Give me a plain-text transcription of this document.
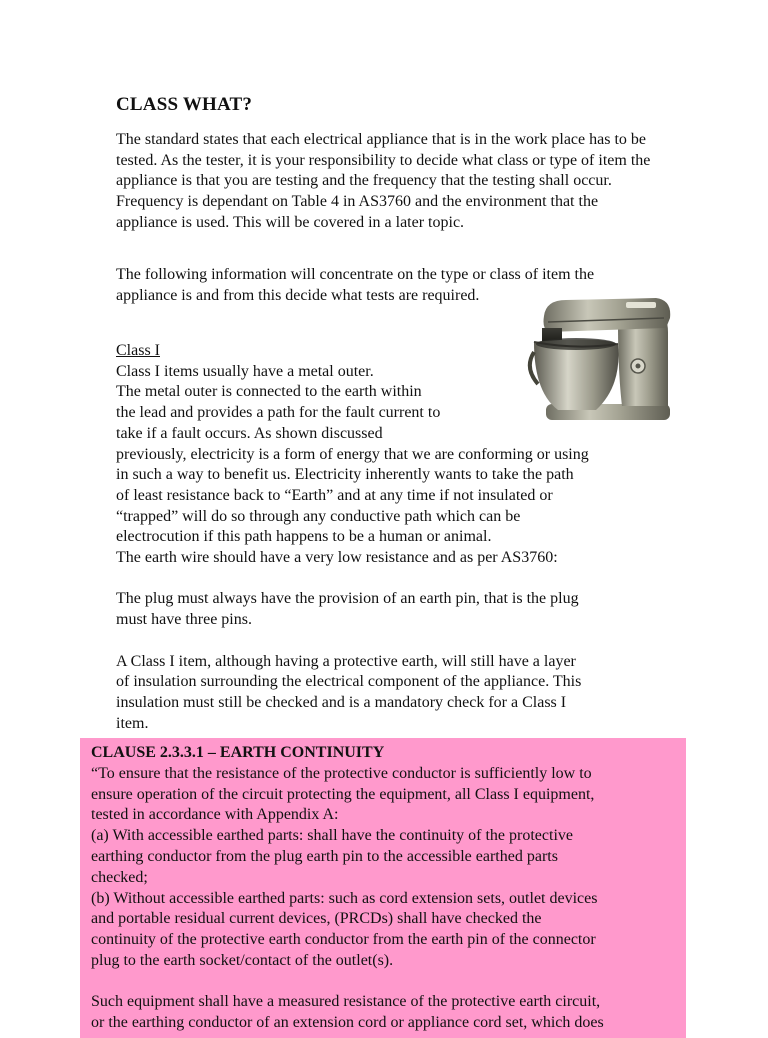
CLASS WHAT?
The standard states that each electrical appliance that is in the work place has to be tested. As the tester, it is your responsibility to decide what class or type of item the appliance is that you are testing and the frequency that the testing shall occur. Frequency is dependant on Table 4 in AS3760 and the environment that the appliance is used. This will be covered in a later topic.
The following information will concentrate on the type or class of item the appliance is and from this decide what tests are required.
Class I
Class I items usually have a metal outer.
The metal outer is connected to the earth within
the lead and provides a path for the fault current to
take if a fault occurs. As shown discussed
previously, electricity is a form of energy that we are conforming or using
in such a way to benefit us. Electricity inherently wants to take the path
of least resistance back to “Earth” and at any time if not insulated or
“trapped” will do so through any conductive path which can be
electrocution if this path happens to be a human or animal.
The earth wire should have a very low resistance and as per AS3760:
The plug must always have the provision of an earth pin, that is the plug
must have three pins.
A Class I item, although having a protective earth, will still have a layer
of insulation surrounding the electrical component of the appliance. This
insulation must still be checked and is a mandatory check for a Class I
item.
CLAUSE 2.3.3.1 – EARTH CONTINUITY
“To ensure that the resistance of the protective conductor is sufficiently low to
ensure operation of the circuit protecting the equipment, all Class I equipment,
tested in accordance with Appendix A:
(a) With accessible earthed parts: shall have the continuity of the protective
earthing conductor from the plug earth pin to the accessible earthed parts
checked;
(b) Without accessible earthed parts: such as cord extension sets, outlet devices
and portable residual current devices, (PRCDs) shall have checked the
continuity of the protective earth conductor from the earth pin of the connector
plug to the earth socket/contact of the outlet(s).
Such equipment shall have a measured resistance of the protective earth circuit,
or the earthing conductor of an extension cord or appliance cord set, which does
